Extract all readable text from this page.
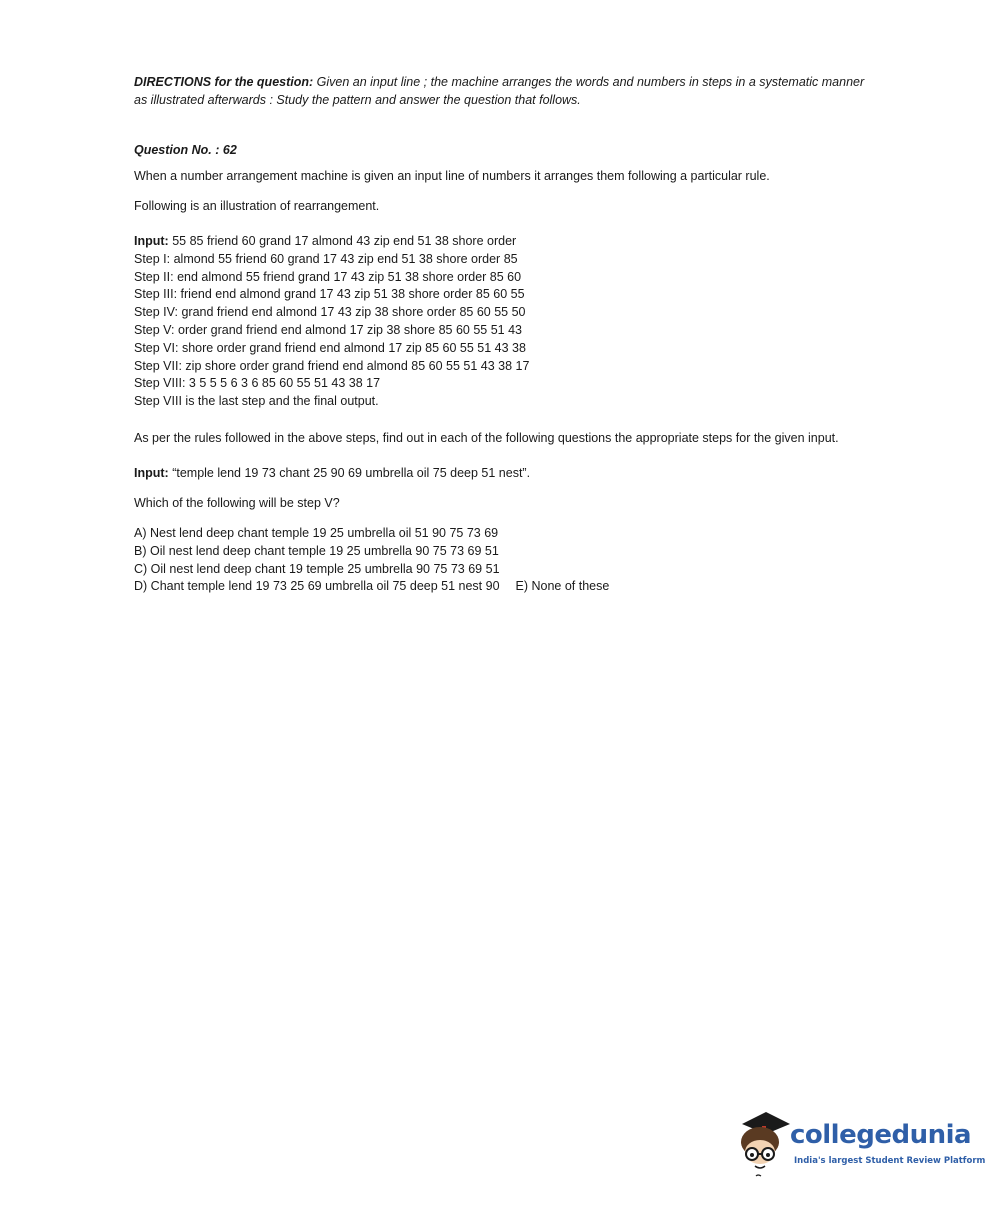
DIRECTIONS for the question: Given an input line ; the machine arranges the words and numbers in steps in a systematic manner as illustrated afterwards : Study the pattern and answer the question that follows.

Question No. : 62

When a number arrangement machine is given an input line of numbers it arranges them following a particular rule.

Following is an illustration of rearrangement.

Input: 55 85 friend 60 grand 17 almond 43 zip end 51 38 shore order
Step I: almond 55 friend 60 grand 17 43 zip end 51 38 shore order 85
Step II: end almond 55 friend grand 17 43 zip 51 38 shore order 85 60
Step III: friend end almond grand 17 43 zip 51 38 shore order 85 60 55
Step IV: grand friend end almond 17 43 zip 38 shore order 85 60 55 50
Step V: order grand friend end almond 17 zip 38 shore 85 60 55 51 43
Step VI: shore order grand friend end almond 17 zip 85 60 55 51 43 38
Step VII: zip shore order grand friend end almond 85 60 55 51 43 38 17
Step VIII: 3 5 5 5 6 3 6 85 60 55 51 43 38 17
Step VIII is the last step and the final output.

As per the rules followed in the above steps, find out in each of the following questions the appropriate steps for the given input.

Input: “temple lend 19 73 chant 25 90 69 umbrella oil 75 deep 51 nest”.

Which of the following will be step V?

A) Nest lend deep chant temple 19 25 umbrella oil 51 90 75 73 69
B) Oil nest lend deep chant temple 19 25 umbrella 90 75 73 69 51
C) Oil nest lend deep chant 19 temple 25 umbrella 90 75 73 69 51
D) Chant temple lend 19 73 25 69 umbrella oil 75 deep 51 nest 90 E) None of these
collegedunia
India's largest Student Review Platform
